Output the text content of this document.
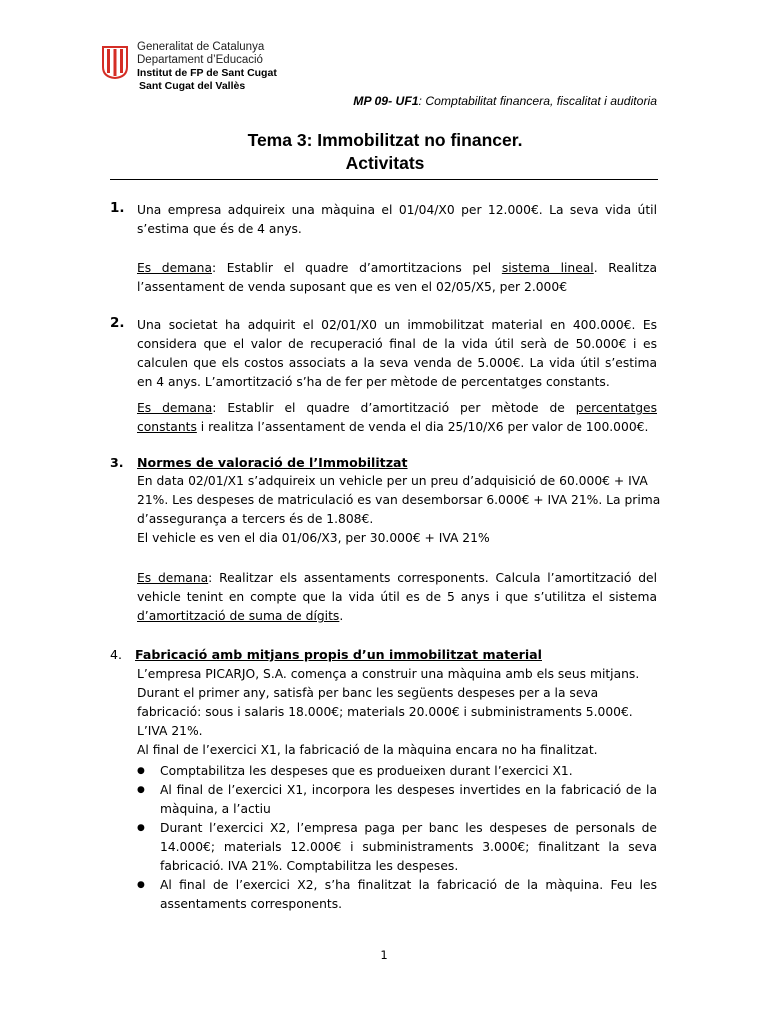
Generalitat de Catalunya
Departament d’Educació
Institut de FP de Sant Cugat
Sant Cugat del Vallès
MP 09- UF1: Comptabilitat financera, fiscalitat i auditoria
Tema 3: Immobilitzat no financer.
Activitats
1. Una empresa adquireix una màquina el 01/04/X0 per 12.000€. La seva vida útil s’estima que és de 4 anys.
Es demana: Establir el quadre d’amortitzacions pel sistema lineal. Realitza l’assentament de venda suposant que es ven el 02/05/X5, per 2.000€
2. Una societat ha adquirit el 02/01/X0 un immobilitzat material en 400.000€. Es considera que el valor de recuperació final de la vida útil serà de 50.000€ i es calculen que els costos associats a la seva venda de 5.000€. La vida útil s’estima en 4 anys. L’amortització s’ha de fer per mètode de percentatges constants.
Es demana: Establir el quadre d’amortització per mètode de percentatges constants i realitza l’assentament de venda el dia 25/10/X6 per valor de 100.000€.
3. Normes de valoració de l’Immobilitzat
En data 02/01/X1 s’adquireix un vehicle per un preu d’adquisició de 60.000€ + IVA
21%. Les despeses de matriculació es van desemborsar 6.000€ + IVA 21%. La prima
d’assegurança a tercers és de 1.808€.
El vehicle es ven el dia 01/06/X3, per 30.000€ + IVA 21%
Es demana: Realitzar els assentaments corresponents. Calcula l’amortització del vehicle tenint en compte que la vida útil es de 5 anys i que s’utilitza el sistema d’amortització de suma de dígits.
4. Fabricació amb mitjans propis d’un immobilitzat material
L’empresa PICARJO, S.A. comença a construir una màquina amb els seus mitjans.
Durant el primer any, satisfà per banc les següents despeses per a la seva
fabricació: sous i salaris 18.000€; materials 20.000€ i subministraments 5.000€.
L’IVA 21%.
Al final de l’exercici X1, la fabricació de la màquina encara no ha finalitzat.
● Comptabilitza les despeses que es produeixen durant l’exercici X1.
● Al final de l’exercici X1, incorpora les despeses invertides en la fabricació de la màquina, a l’actiu
● Durant l’exercici X2, l’empresa paga per banc les despeses de personals de 14.000€; materials 12.000€ i subministraments 3.000€; finalitzant la seva fabricació. IVA 21%. Comptabilitza les despeses.
● Al final de l’exercici X2, s’ha finalitzat la fabricació de la màquina. Feu les assentaments corresponents.
1
